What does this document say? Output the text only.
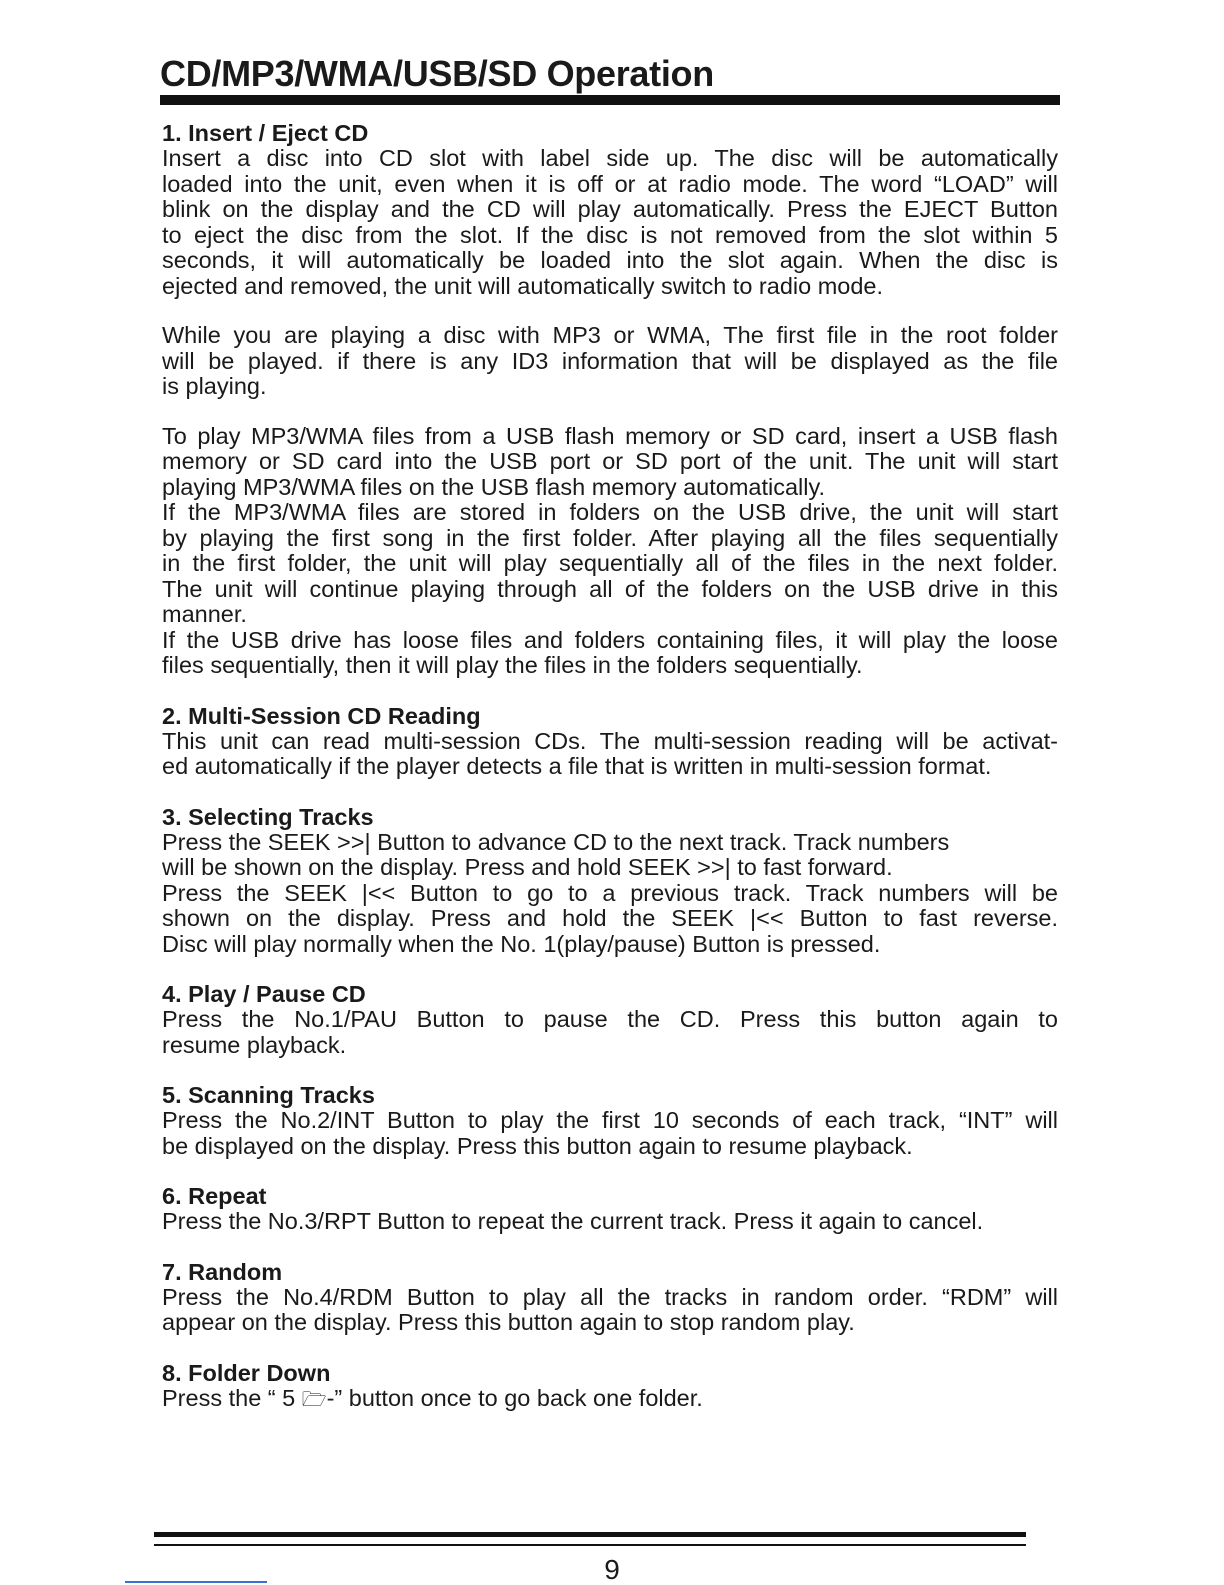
CD/MP3/WMA/USB/SD Operation
1. Insert / Eject CD
Insert a disc into CD slot with label side up. The disc will be automatically
loaded into the unit, even when it is off or at radio mode. The word “LOAD” will
blink on the display and the CD will play automatically. Press the EJECT Button
to eject the disc from the slot. If the disc is not removed from the slot within 5
seconds, it will automatically be loaded into the slot again. When the disc is
ejected and removed, the unit will automatically switch to radio mode.
While you are playing a disc with MP3 or WMA, The first file in the root folder
will be played. if there is any ID3 information that will be displayed as the file
is playing.
To play MP3/WMA files from a USB flash memory or SD card, insert a USB flash
memory or SD card into the USB port or SD port of the unit. The unit will start
playing MP3/WMA files on the USB flash memory automatically.
If the MP3/WMA files are stored in folders on the USB drive, the unit will start
by playing the first song in the first folder. After playing all the files sequentially
in the first folder, the unit will play sequentially all of the files in the next folder.
The unit will continue playing through all of the folders on the USB drive in this
manner.
If the USB drive has loose files and folders containing files, it will play the loose
files sequentially, then it will play the files in the folders sequentially.
2. Multi-Session CD Reading
This unit can read multi-session CDs. The multi-session reading will be activat-
ed automatically if the player detects a file that is written in multi-session format.
3. Selecting Tracks
Press the SEEK >>| Button to advance CD to the next track. Track numbers
will be shown on the display. Press and hold SEEK >>| to fast forward.
Press the SEEK |<< Button to go to a previous track. Track numbers will be
shown on the display. Press and hold the SEEK |<< Button to fast reverse.
Disc will play normally when the No. 1(play/pause) Button is pressed.
4. Play / Pause CD
Press the No.1/PAU Button to pause the CD. Press this button again to
resume playback.
5. Scanning Tracks
Press the No.2/INT Button to play the first 10 seconds of each track, “INT” will
be displayed on the display. Press this button again to resume playback.
6. Repeat
Press the No.3/RPT Button to repeat the current track. Press it again to cancel.
7. Random
Press the No.4/RDM Button to play all the tracks in random order. “RDM” will
appear on the display. Press this button again to stop random play.
8. Folder Down
Press the “ 5 🗁-” button once to go back one folder.
9
